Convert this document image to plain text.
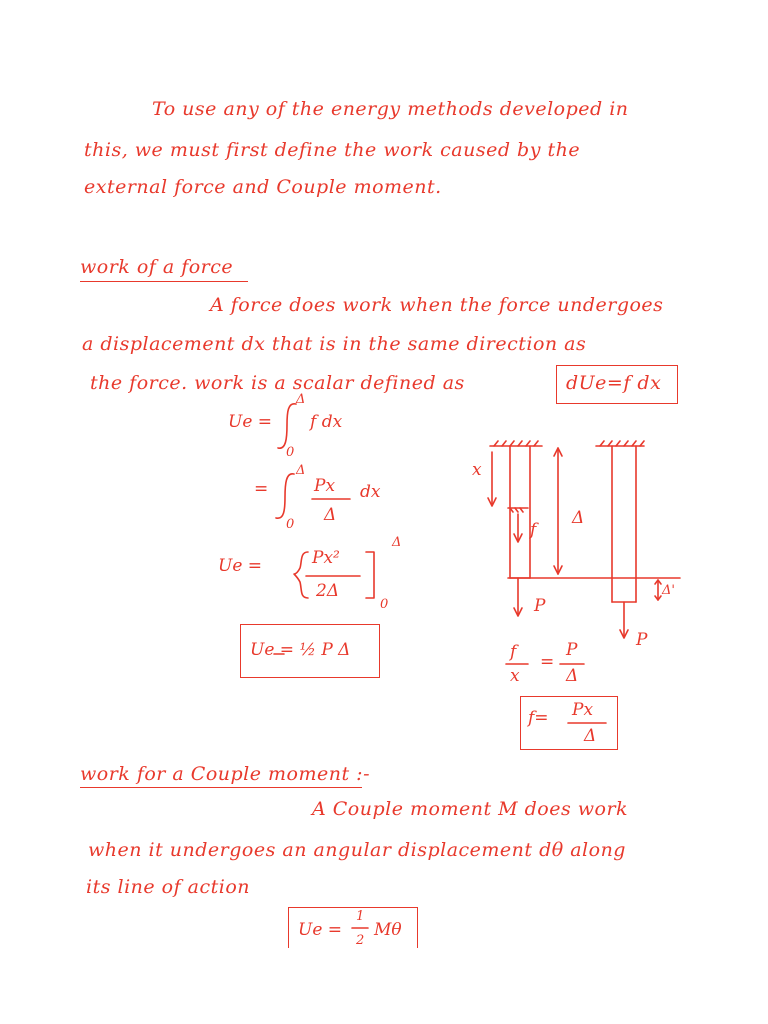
To use any of the energy methods developed in
this, we must first define the work caused by the
external force and Couple moment.
work of a force
A force does work when the force undergoes
a displacement dx that is in the same direction as
the force. work is a scalar defined as	dUe=f dx
Ue =
Δ
0
f dx
=
Δ
0
Px
Δ
dx
Ue =	Px²
2Δ
Δ
0
Ue = ½ P Δ
x
f
Δ
P
P
Δ'
f
x
=
P
Δ
f= Px
Δ
work for a Couple moment :-
A Couple moment M does work
when it undergoes an angular displacement dθ along
its line of action
Ue =
1
2
Mθ
